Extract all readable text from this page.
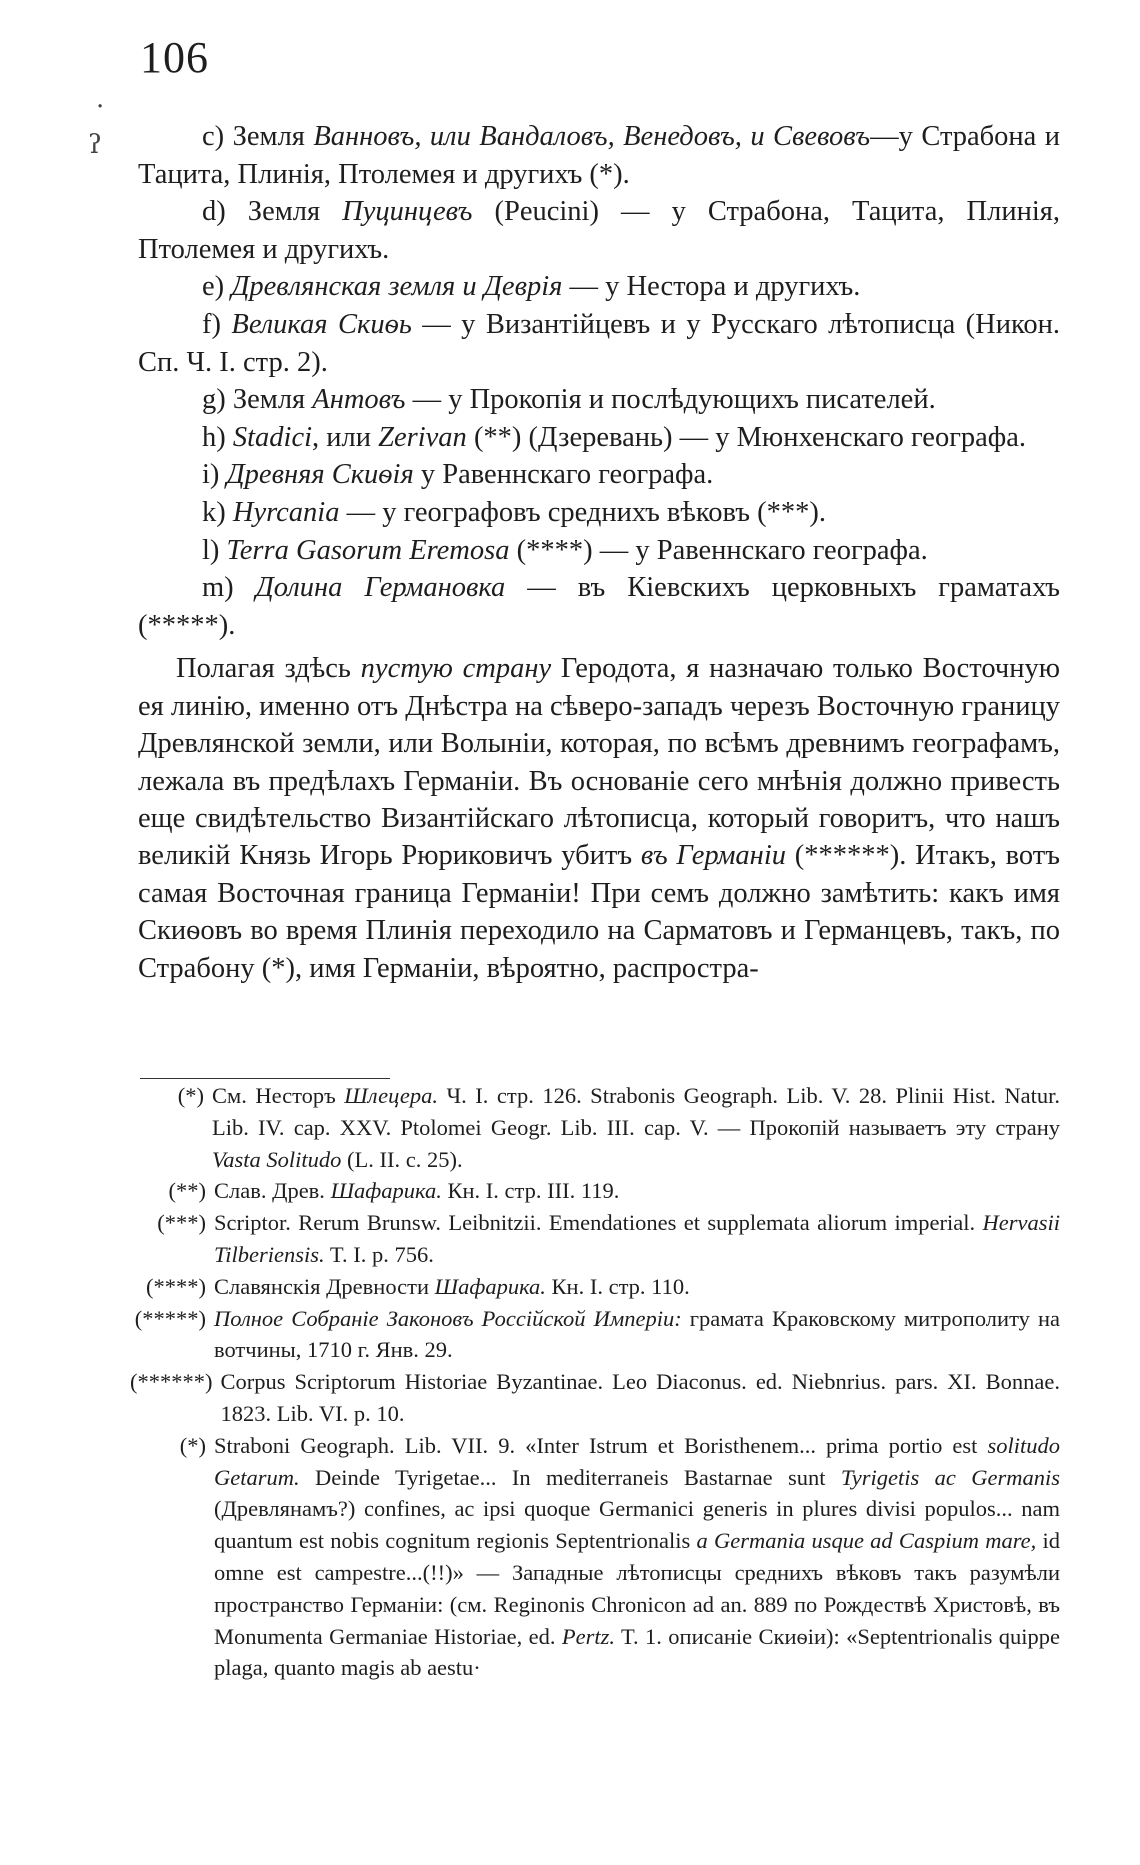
106
·
ʔ	c) Земля Ванновъ, или Вандаловъ, Венедовъ, и Свевовъ—у Страбона и Тацита, Плинія, Птолемея и другихъ (*).

d) Земля Пуцинцевъ (Peucini) — у Страбона, Тацита, Плинія, Птолемея и другихъ.

e) Древлянская земля и Деврія — у Нестора и другихъ.

f) Великая Скиѳь — у Византійцевъ и у Русскаго лѣтописца (Никон. Сп. Ч. I. стр. 2).

g) Земля Антовъ — у Прокопія и послѣдующихъ писателей.

h) Stadici, или Zerivan (**) (Дзеревань) — у Мюнхенскаго географа.

i) Древняя Скиѳія у Равеннскаго географа.

k) Hyrcania — у географовъ среднихъ вѣковъ (***).

l) Terra Gasorum Eremosa (****) — у Равеннскаго географа.

m) Долина Германовка — въ Кіевскихъ церковныхъ граматахъ (*****).

Полагая здѣсь пустую страну Геродота, я назначаю только Восточную ея линію, именно отъ Днѣстра на сѣверо-западъ черезъ Восточную границу Древлянской земли, или Волыніи, которая, по всѣмъ древнимъ географамъ, лежала въ предѣлахъ Германіи. Въ основаніе сего мнѣнія должно привесть еще свидѣтельство Византійскаго лѣтописца, который говоритъ, что нашъ великій Князь Игорь Рюриковичъ убитъ въ Германіи (******). Итакъ, вотъ самая Восточная граница Германіи! При семъ должно замѣтить: какъ имя Скиѳовъ во время Плинія переходило на Сарматовъ и Германцевъ, такъ, по Страбону (*), имя Германіи, вѣроятно, распростра-

(*) См. Несторъ Шлецера. Ч. I. стр. 126. Strabonis Geograph. Lib. V. 28. Plinii Hist. Natur. Lib. IV. cap. XXV. Ptolomei Geogr. Lib. III. cap. V. — Прокопій называетъ эту страну Vasta Solitudo (L. II. c. 25).
(**) Слав. Древ. Шафарика. Кн. I. стр. III. 119.
(***) Scriptor. Rerum Brunsw. Leibnitzii. Emendationes et supplemata aliorum imperial. Hervasii Tilberiensis. T. I. p. 756.
(****) Славянскія Древности Шафарика. Кн. I. стр. 110.
(*****) Полное Собраніе Законовъ Россійской Имперіи: грамата Краковскому митрополиту на вотчины, 1710 г. Янв. 29.
(******) Corpus Scriptorum Historiae Byzantinae. Leo Diaconus. ed. Niebnrius. pars. XI. Bonnae. 1823. Lib. VI. p. 10.
(*) Straboni Geograph. Lib. VII. 9. «Inter Istrum et Boristhenem... prima portio est solitudo Getarum. Deinde Tyrigetae... In mediterraneis Bastarnae sunt Tyrigetis ac Germanis (Древлянамъ?) confines, ac ipsi quoque Germanici generis in plures divisi populos... nam quantum est nobis cognitum regionis Septentrionalis a Germania usque ad Caspium mare, id omne est campestre...(!!)» — Западные лѣтописцы среднихъ вѣковъ такъ разумѣли пространство Германіи: (см. Reginonis Chronicon ad an. 889 по Рождествѣ Христовѣ, въ Monumenta Germaniae Historiae, ed. Pertz. T. 1. описаніе Скиѳіи): «Septentrionalis quippe plaga, quanto magis ab aestu·
